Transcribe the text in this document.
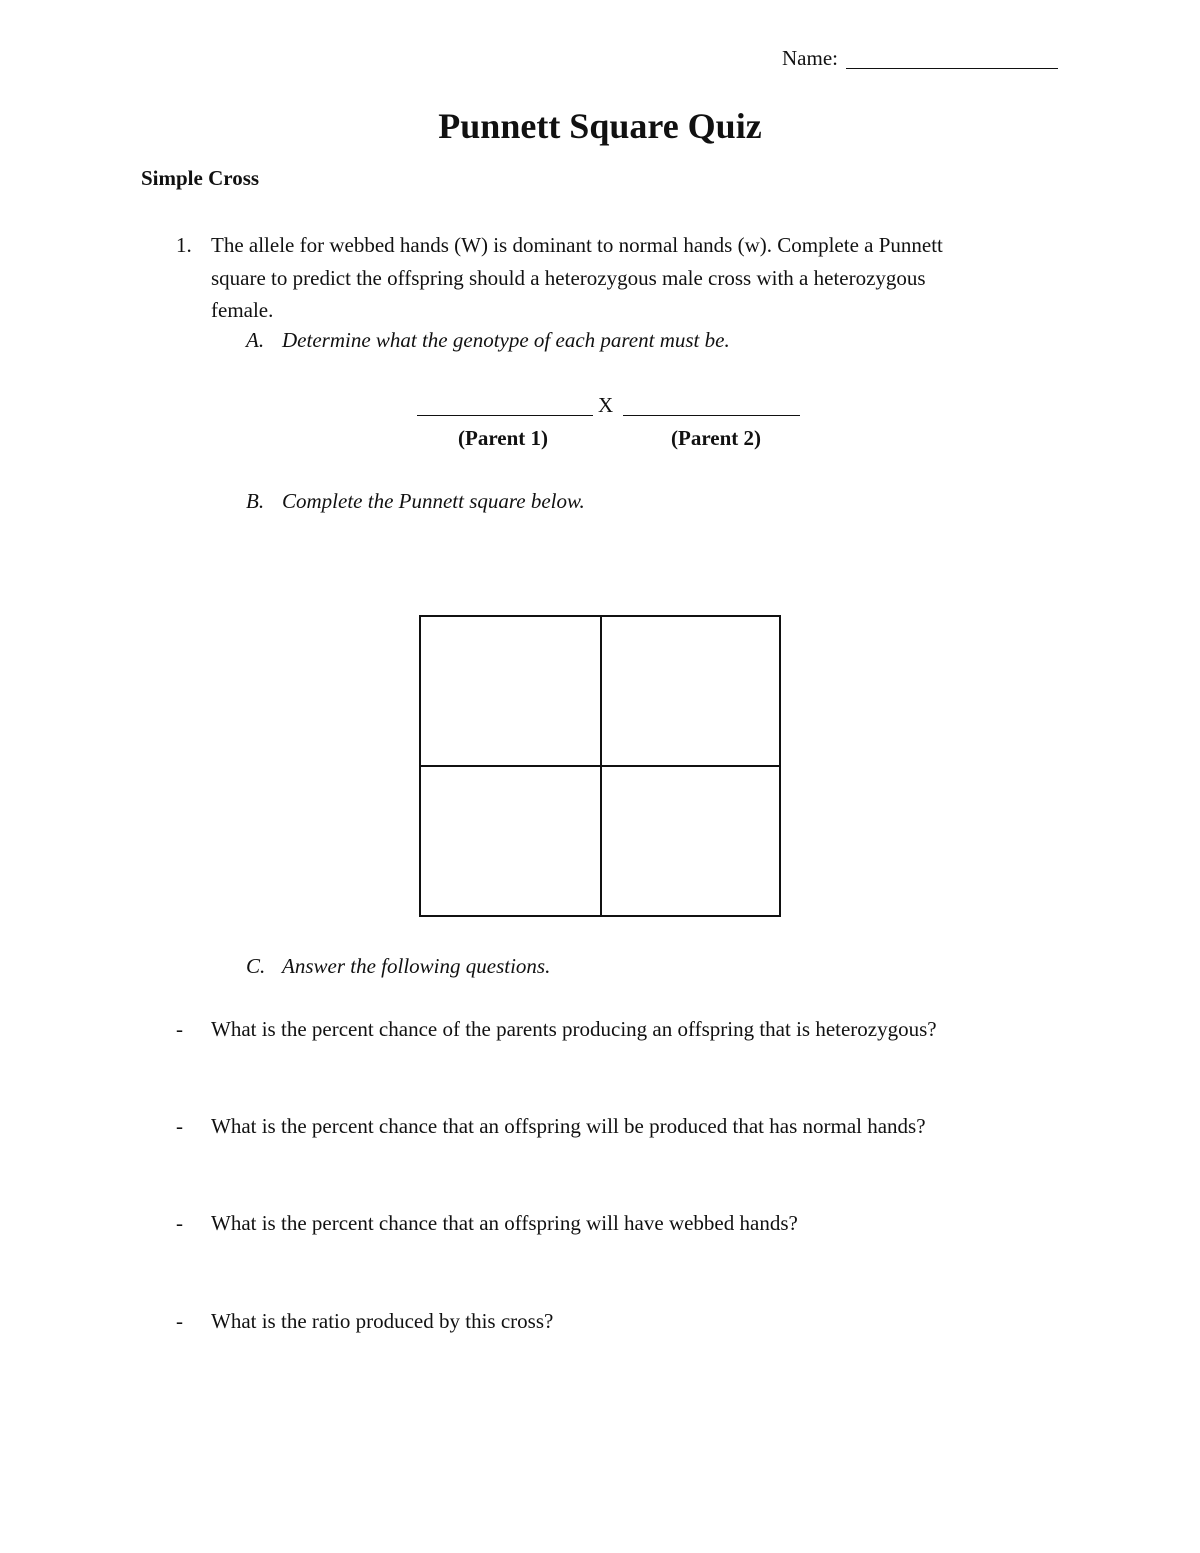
Name:
Punnett Square Quiz
Simple Cross
1. The allele for webbed hands (W) is dominant to normal hands (w). Complete a Punnett
square to predict the offspring should a heterozygous male cross with a heterozygous
female.
A. Determine what the genotype of each parent must be.
X
(Parent 1)	(Parent 2)
B. Complete the Punnett square below.
C. Answer the following questions.
- What is the percent chance of the parents producing an offspring that is heterozygous?
- What is the percent chance that an offspring will be produced that has normal hands?
- What is the percent chance that an offspring will have webbed hands?
- What is the ratio produced by this cross?
